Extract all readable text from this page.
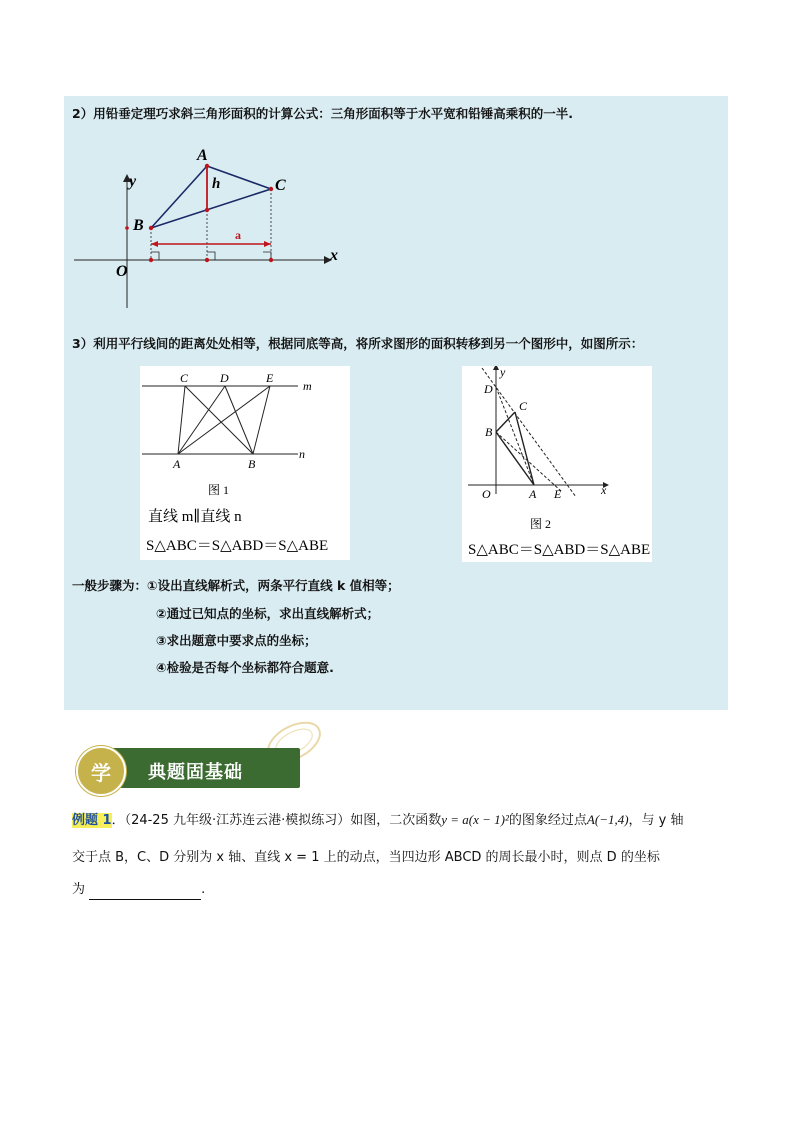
2）用铅垂定理巧求斜三角形面积的计算公式：三角形面积等于水平宽和铅锤高乘积的一半.
A
B
C
h
a
x
y
O
3）利用平行线间的距离处处相等，根据同底等高，将所求图形的面积转移到另一个图形中，如图所示：
C	D	E
m
n
A	B
图 1
直线 m∥直线 n
S△ABC＝S△ABD＝S△ABE
y
D
C
B
O	A E	x
图 2
S△ABC＝S△ABD＝S△ABE
一般步骤为：①设出直线解析式，两条平行直线 k 值相等；
②通过已知点的坐标，求出直线解析式；
③求出题意中要求点的坐标；
④检验是否每个坐标都符合题意.
典题固基础
学
例题 1．（24-25 九年级·江苏连云港·模拟练习）如图，二次函数y = a(x − 1)²的图象经过点A(−1,4)，与 y 轴
交于点 B，C、D 分别为 x 轴、直线 x = 1 上的动点，当四边形 ABCD 的周长最小时，则点 D 的坐标
为	.
